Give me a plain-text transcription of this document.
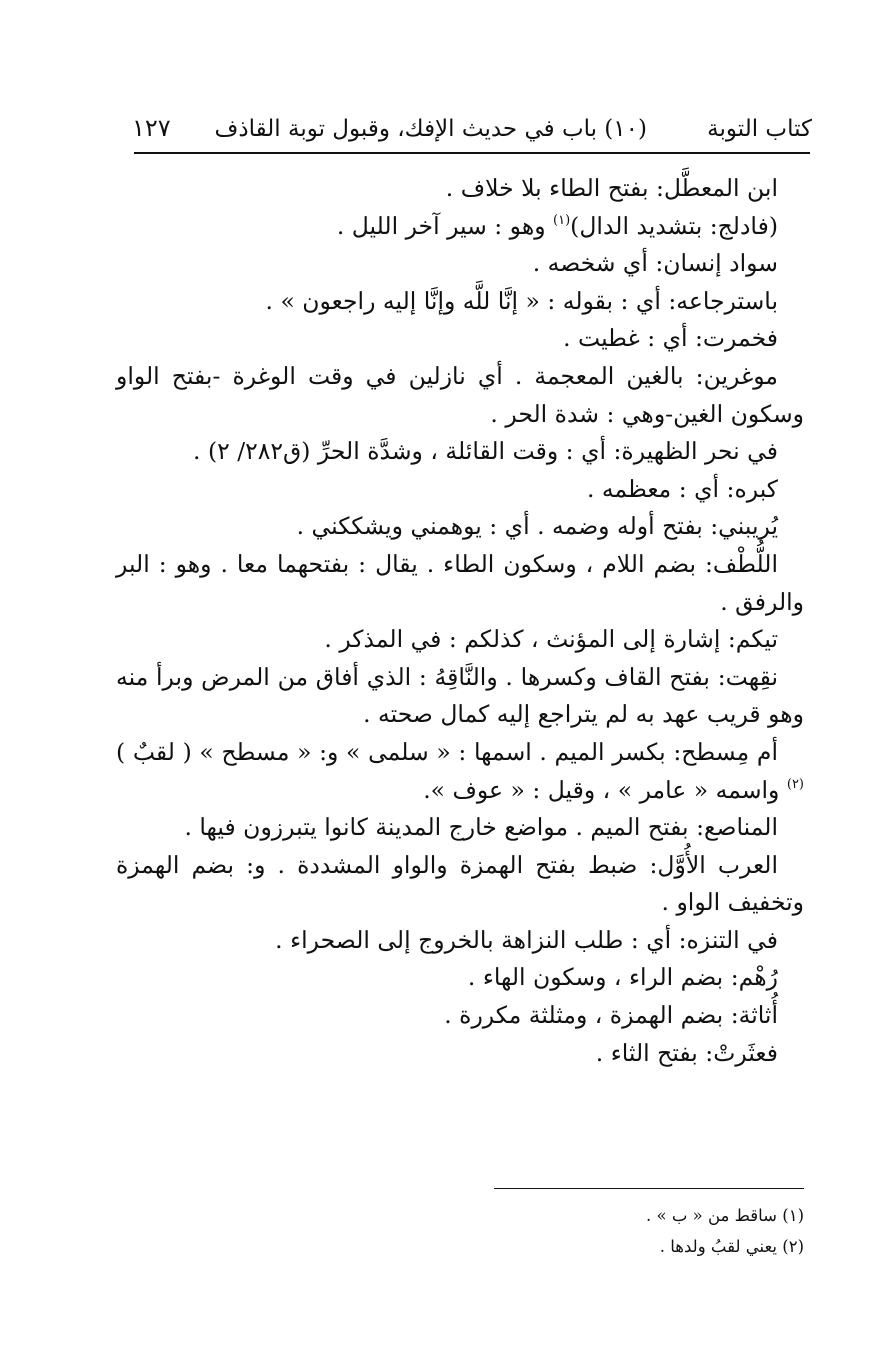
كتاب التوبة
(١٠) باب في حديث الإفك، وقبول توبة القاذف
١٢٧

ابن المعطَّل: بفتح الطاء بلا خلاف .

(فادلج: بتشديد الدال)$^{(١)}$ وهو : سير آخر الليل .

سواد إنسان: أي شخصه .

باسترجاعه: أي : بقوله : « إنَّا للَّه وإنَّا إليه راجعون » .

فخمرت: أي : غطيت .

موغرين: بالغين المعجمة . أي نازلين في وقت الوغرة -بفتح الواو وسكون الغين-وهي : شدة الحر .

في نحر الظهيرة: أي : وقت القائلة ، وشدَّة الحرِّ (ق٢٨٢/ ٢) .

كبره: أي : معظمه .

يُريبني: بفتح أوله وضمه . أي : يوهمني ويشككني .

اللُّطْف: بضم اللام ، وسكون الطاء . يقال : بفتحهما معا . وهو : البر والرفق .

تيكم: إشارة إلى المؤنث ، كذلكم : في المذكر .

نقِهت: بفتح القاف وكسرها . والنَّاقِهُ : الذي أفاق من المرض وبرأ منه وهو قريب عهد به لم يتراجع إليه كمال صحته .

أم مِسطح: بكسر الميم . اسمها : « سلمى » و: « مسطح » ( لقبٌ )$^{(٢)}$ واسمه « عامر » ، وقيل : « عوف ».

المناصع: بفتح الميم . مواضع خارج المدينة كانوا يتبرزون فيها .

العرب الأُوَّل: ضبط بفتح الهمزة والواو المشددة . و: بضم الهمزة وتخفيف الواو .

في التنزه: أي : طلب النزاهة بالخروج إلى الصحراء .

رُهْم: بضم الراء ، وسكون الهاء .

أُثاثة: بضم الهمزة ، ومثلثة مكررة .

فعثَرتْ: بفتح الثاء .

(١) ساقط من « ب » .

(٢) يعني لقبُ ولدها .
